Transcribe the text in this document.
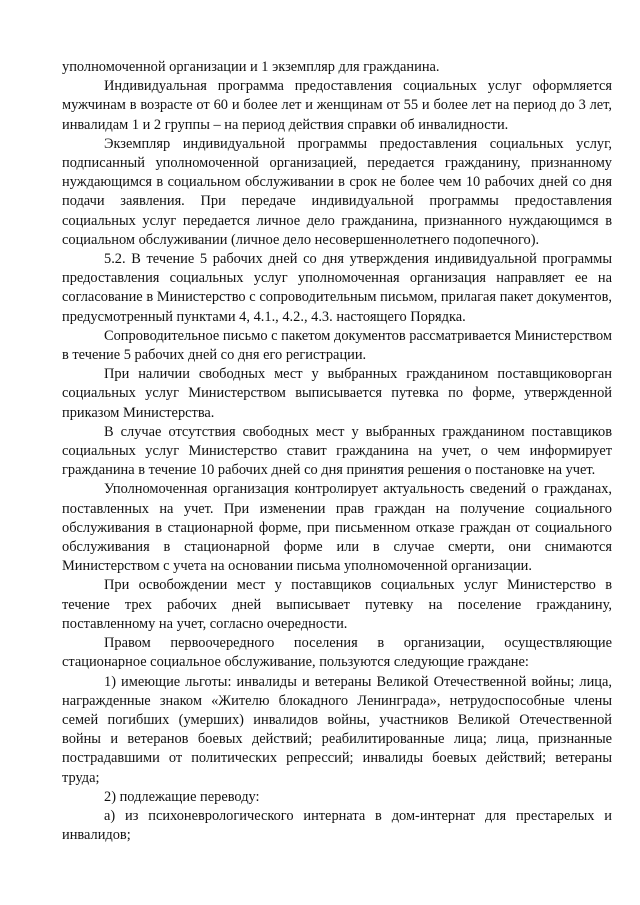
уполномоченной организации и 1 экземпляр для гражданина.

Индивидуальная программа предоставления социальных услуг оформляется мужчинам в возрасте от 60 и более лет и женщинам от 55 и более лет на период до 3 лет, инвалидам 1 и 2 группы – на период действия справки об инвалидности.

Экземпляр индивидуальной программы предоставления социальных услуг, подписанный уполномоченной организацией, передается гражданину, признанному нуждающимся в социальном обслуживании в срок не более чем 10 рабочих дней со дня подачи заявления. При передаче индивидуальной программы предоставления социальных услуг передается личное дело гражданина, признанного нуждающимся в социальном обслуживании (личное дело несовершеннолетнего подопечного).

5.2. В течение 5 рабочих дней со дня утверждения индивидуальной программы предоставления социальных услуг уполномоченная организация направляет ее на согласование в Министерство с сопроводительным письмом, прилагая пакет документов, предусмотренный пунктами 4, 4.1., 4.2., 4.3. настоящего Порядка.

Сопроводительное письмо с пакетом документов рассматривается Министерством в течение 5 рабочих дней со дня его регистрации.

При наличии свободных мест у выбранных гражданином поставщиковорган социальных услуг Министерством выписывается путевка по форме, утвержденной приказом Министерства.

В случае отсутствия свободных мест у выбранных гражданином поставщиков социальных услуг Министерство ставит гражданина на учет, о чем информирует гражданина в течение 10 рабочих дней со дня принятия решения о постановке на учет.

Уполномоченная организация контролирует актуальность сведений о гражданах, поставленных на учет. При изменении прав граждан на получение социального обслуживания в стационарной форме, при письменном отказе граждан от социального обслуживания в стационарной форме или в случае смерти, они снимаются Министерством с учета на основании письма уполномоченной организации.

При освобождении мест у поставщиков социальных услуг Министерство в течение трех рабочих дней выписывает путевку на поселение гражданину, поставленному на учет, согласно очередности.

Правом первоочередного поселения в организации, осуществляющие стационарное социальное обслуживание, пользуются следующие граждане:

1) имеющие льготы: инвалиды и ветераны Великой Отечественной войны; лица, награжденные знаком «Жителю блокадного Ленинграда», нетрудоспособные члены семей погибших (умерших) инвалидов войны, участников Великой Отечественной войны и ветеранов боевых действий; реабилитированные лица; лица, признанные пострадавшими от политических репрессий; инвалиды боевых действий; ветераны труда;

2) подлежащие переводу:

а) из психоневрологического интерната в дом-интернат для престарелых и инвалидов;
